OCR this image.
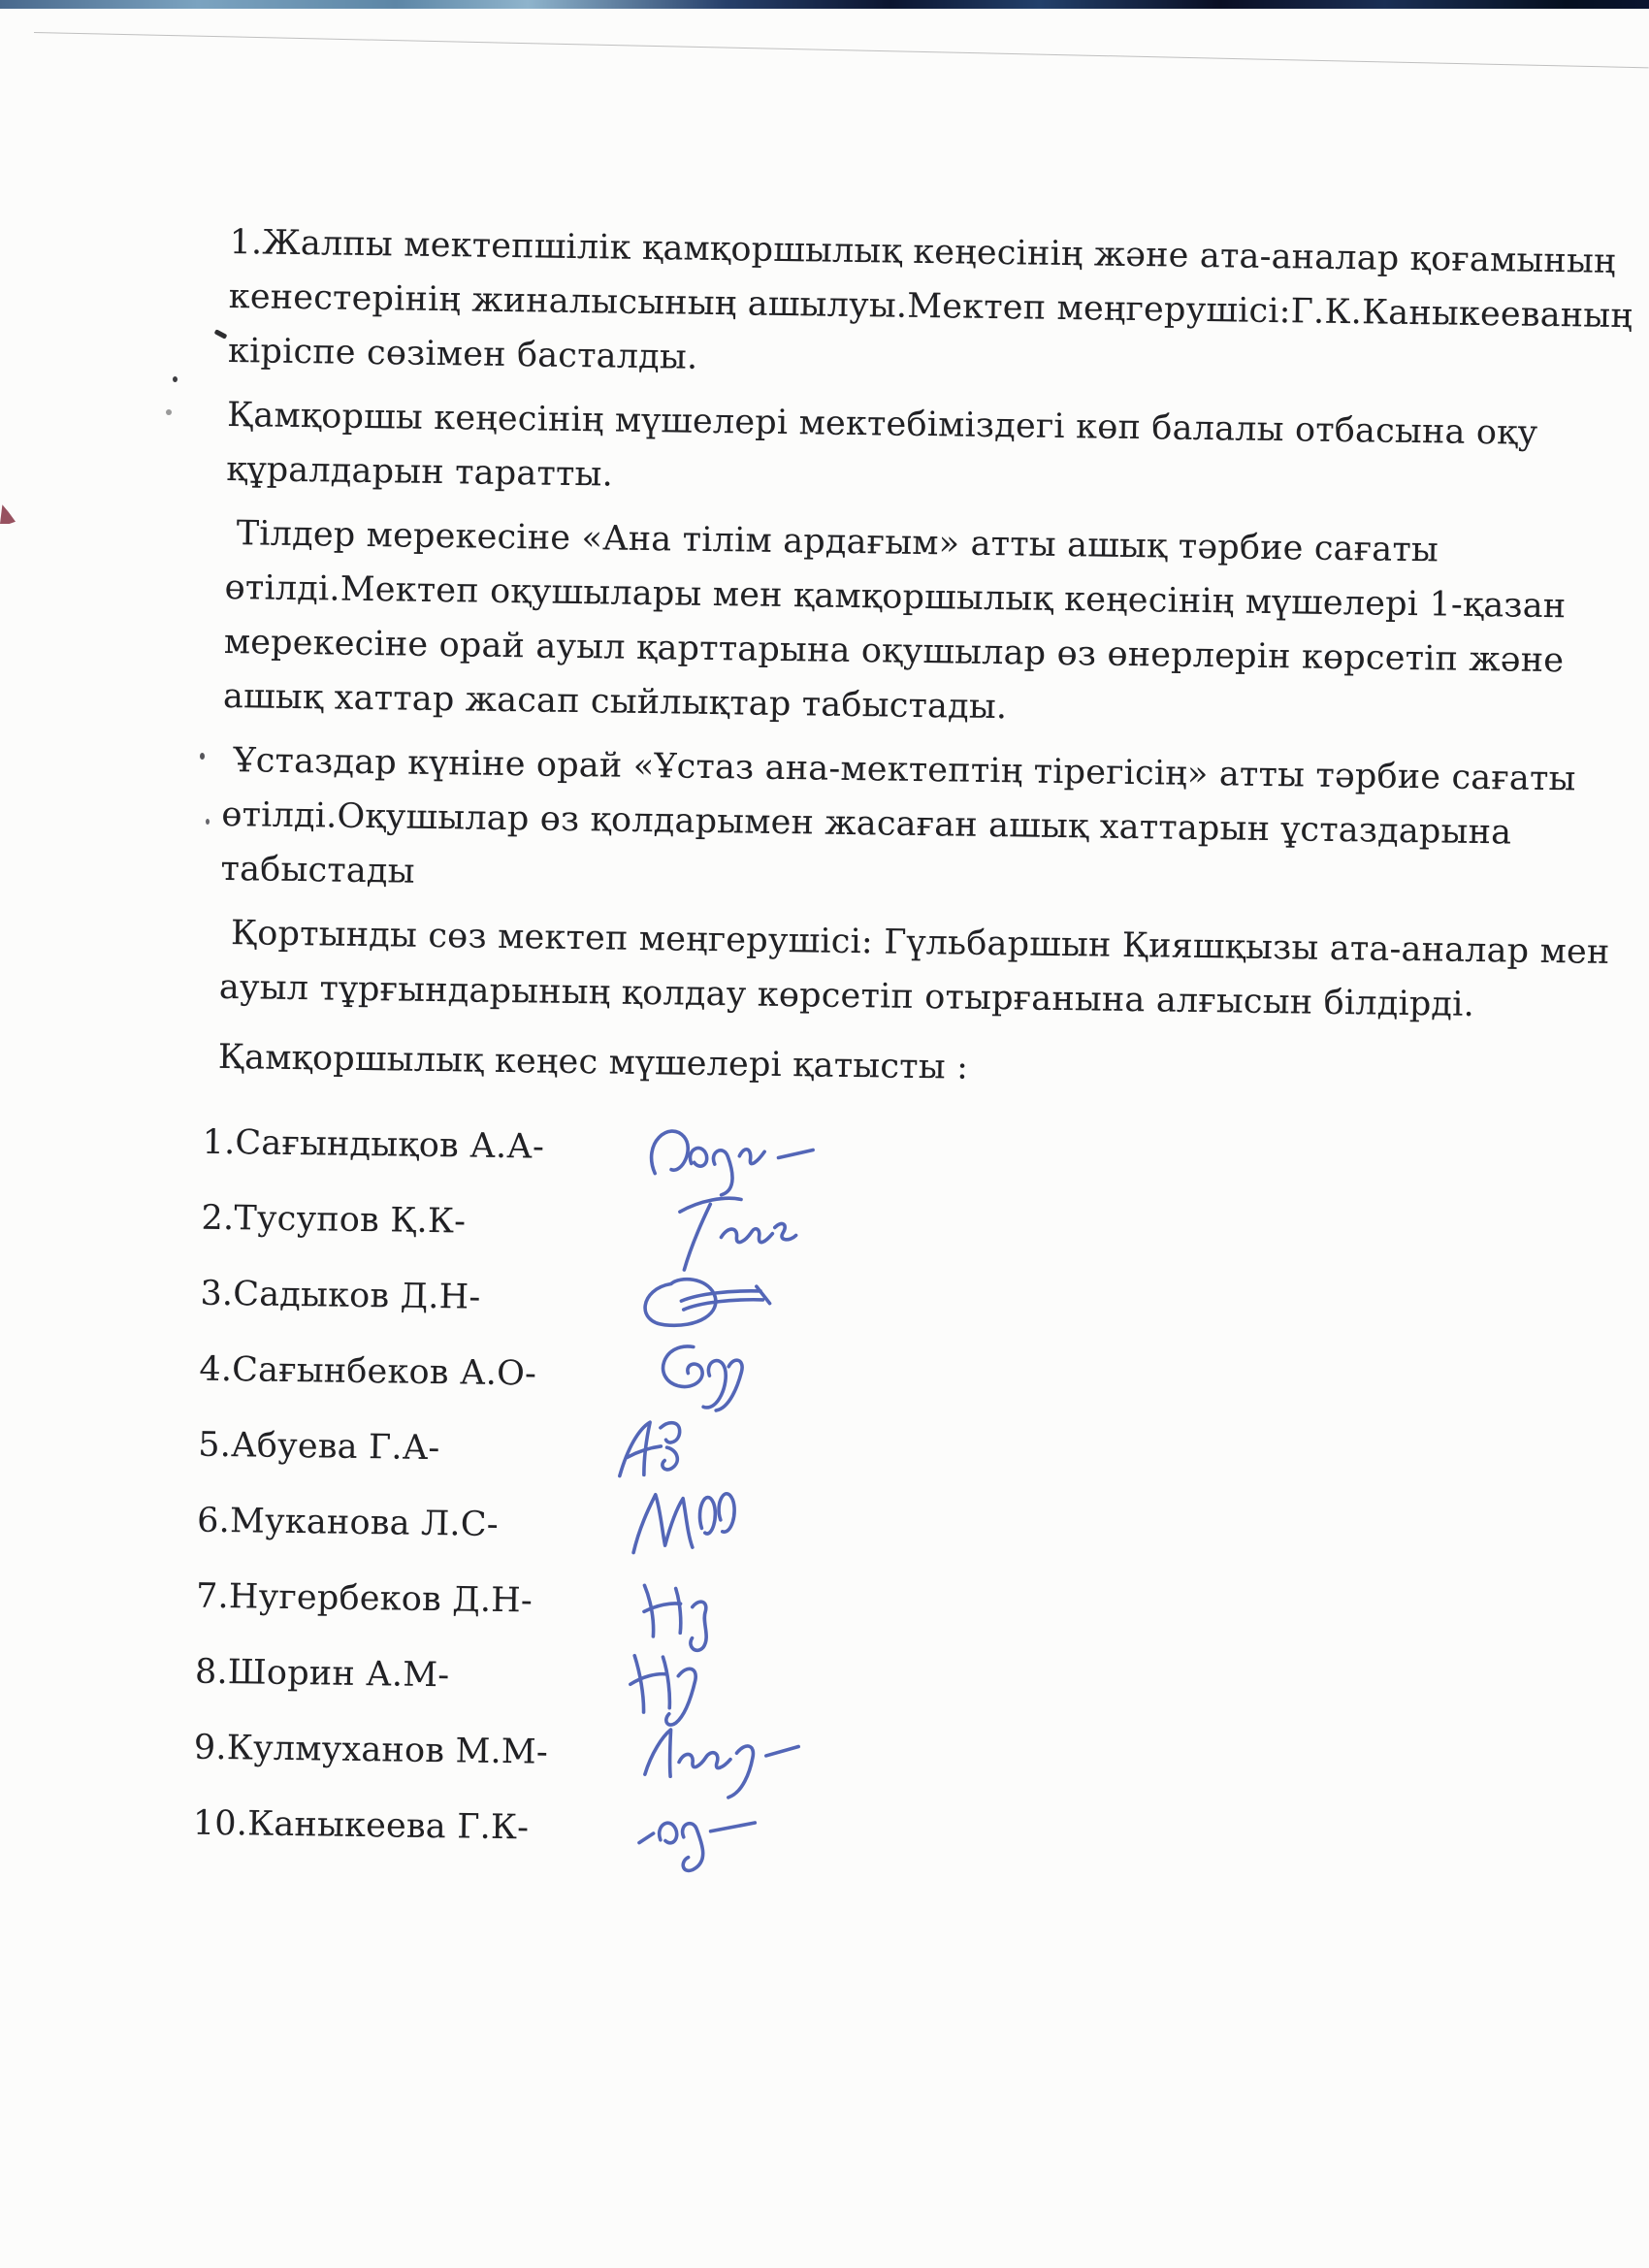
1.Жалпы мектепшілік қамқоршылық кеңесінің және ата-аналар қоғамының
кенестерінің жиналысының ашылуы.Мектеп меңгерушісі:Г.К.Каныкееваның
кіріспе сөзімен басталды.
Қамқоршы кеңесінің мүшелері мектебіміздегі көп балалы отбасына оқу
құралдарын таратты.
Тілдер мерекесіне «Ана тілім ардағым» атты ашық тәрбие сағаты
өтілді.Мектеп оқушылары мен қамқоршылық кеңесінің мүшелері 1-қазан
мерекесіне орай ауыл қарттарына оқушылар өз өнерлерін көрсетіп және
ашық хаттар жасап сыйлықтар табыстады.
Ұстаздар күніне орай «Ұстаз ана-мектептің тірегісің» атты тәрбие сағаты
өтілді.Оқушылар өз қолдарымен жасаған ашық хаттарын ұстаздарына
табыстады
Қортынды сөз мектеп меңгерушісі: Гүльбаршын Қияшқызы ата-аналар мен
ауыл тұрғындарының қолдау көрсетіп отырғанына алғысын білдірді.
Қамқоршылық кеңес мүшелері қатысты :
1.Сағындықов А.А-
2.Тусупов Қ.К-
3.Садыков Д.Н-
4.Сағынбеков А.О-
5.Абуева Г.А-
6.Муканова Л.С-
7.Нугербеков Д.Н-
8.Шорин А.М-
9.Кулмуханов М.М-
10.Каныкеева Г.К-
